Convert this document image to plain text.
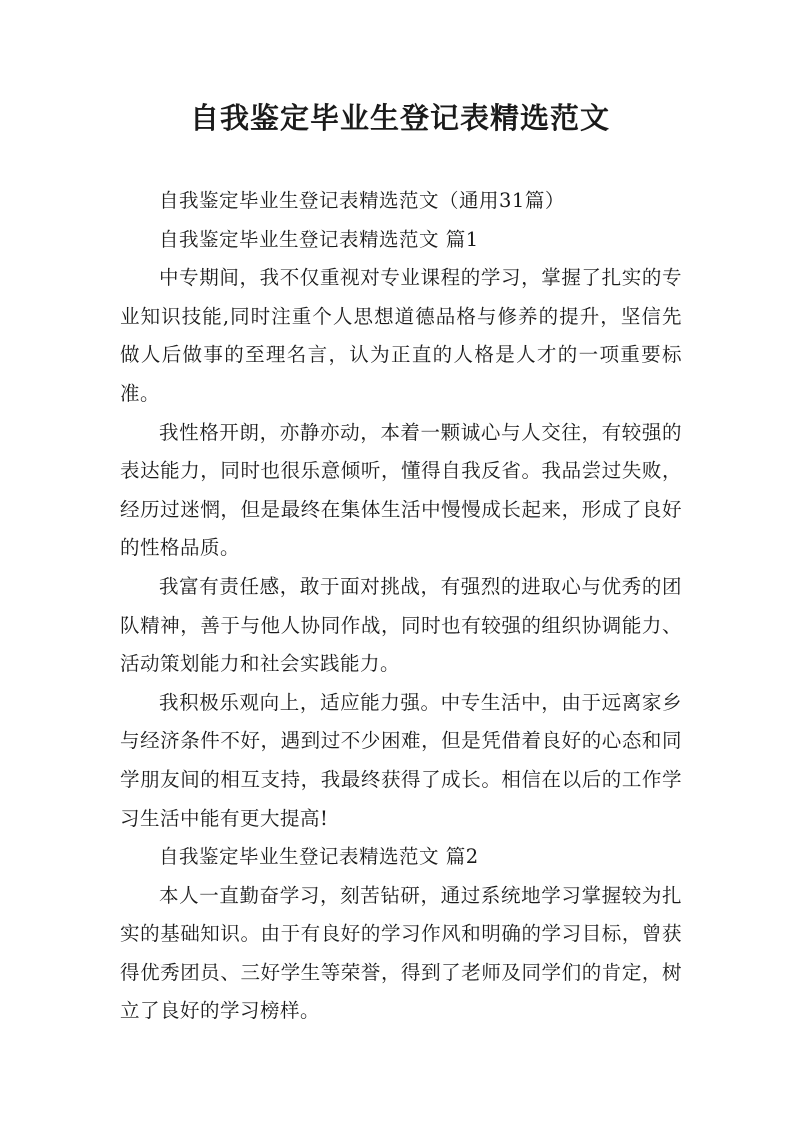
自我鉴定毕业生登记表精选范文

自我鉴定毕业生登记表精选范文（通用31篇）

自我鉴定毕业生登记表精选范文 篇1

中专期间，我不仅重视对专业课程的学习，掌握了扎实的专业知识技能,同时注重个人思想道德品格与修养的提升，坚信先做人后做事的至理名言，认为正直的人格是人才的一项重要标准。

我性格开朗，亦静亦动，本着一颗诚心与人交往，有较强的表达能力，同时也很乐意倾听，懂得自我反省。我品尝过失败，经历过迷惘，但是最终在集体生活中慢慢成长起来，形成了良好的性格品质。

我富有责任感，敢于面对挑战，有强烈的进取心与优秀的团队精神，善于与他人协同作战，同时也有较强的组织协调能力、活动策划能力和社会实践能力。

我积极乐观向上，适应能力强。中专生活中，由于远离家乡与经济条件不好，遇到过不少困难，但是凭借着良好的心态和同学朋友间的相互支持，我最终获得了成长。相信在以后的工作学习生活中能有更大提高!

自我鉴定毕业生登记表精选范文 篇2

本人一直勤奋学习，刻苦钻研，通过系统地学习掌握较为扎实的基础知识。由于有良好的学习作风和明确的学习目标，曾获得优秀团员、三好学生等荣誉，得到了老师及同学们的肯定，树立了良好的学习榜样。
